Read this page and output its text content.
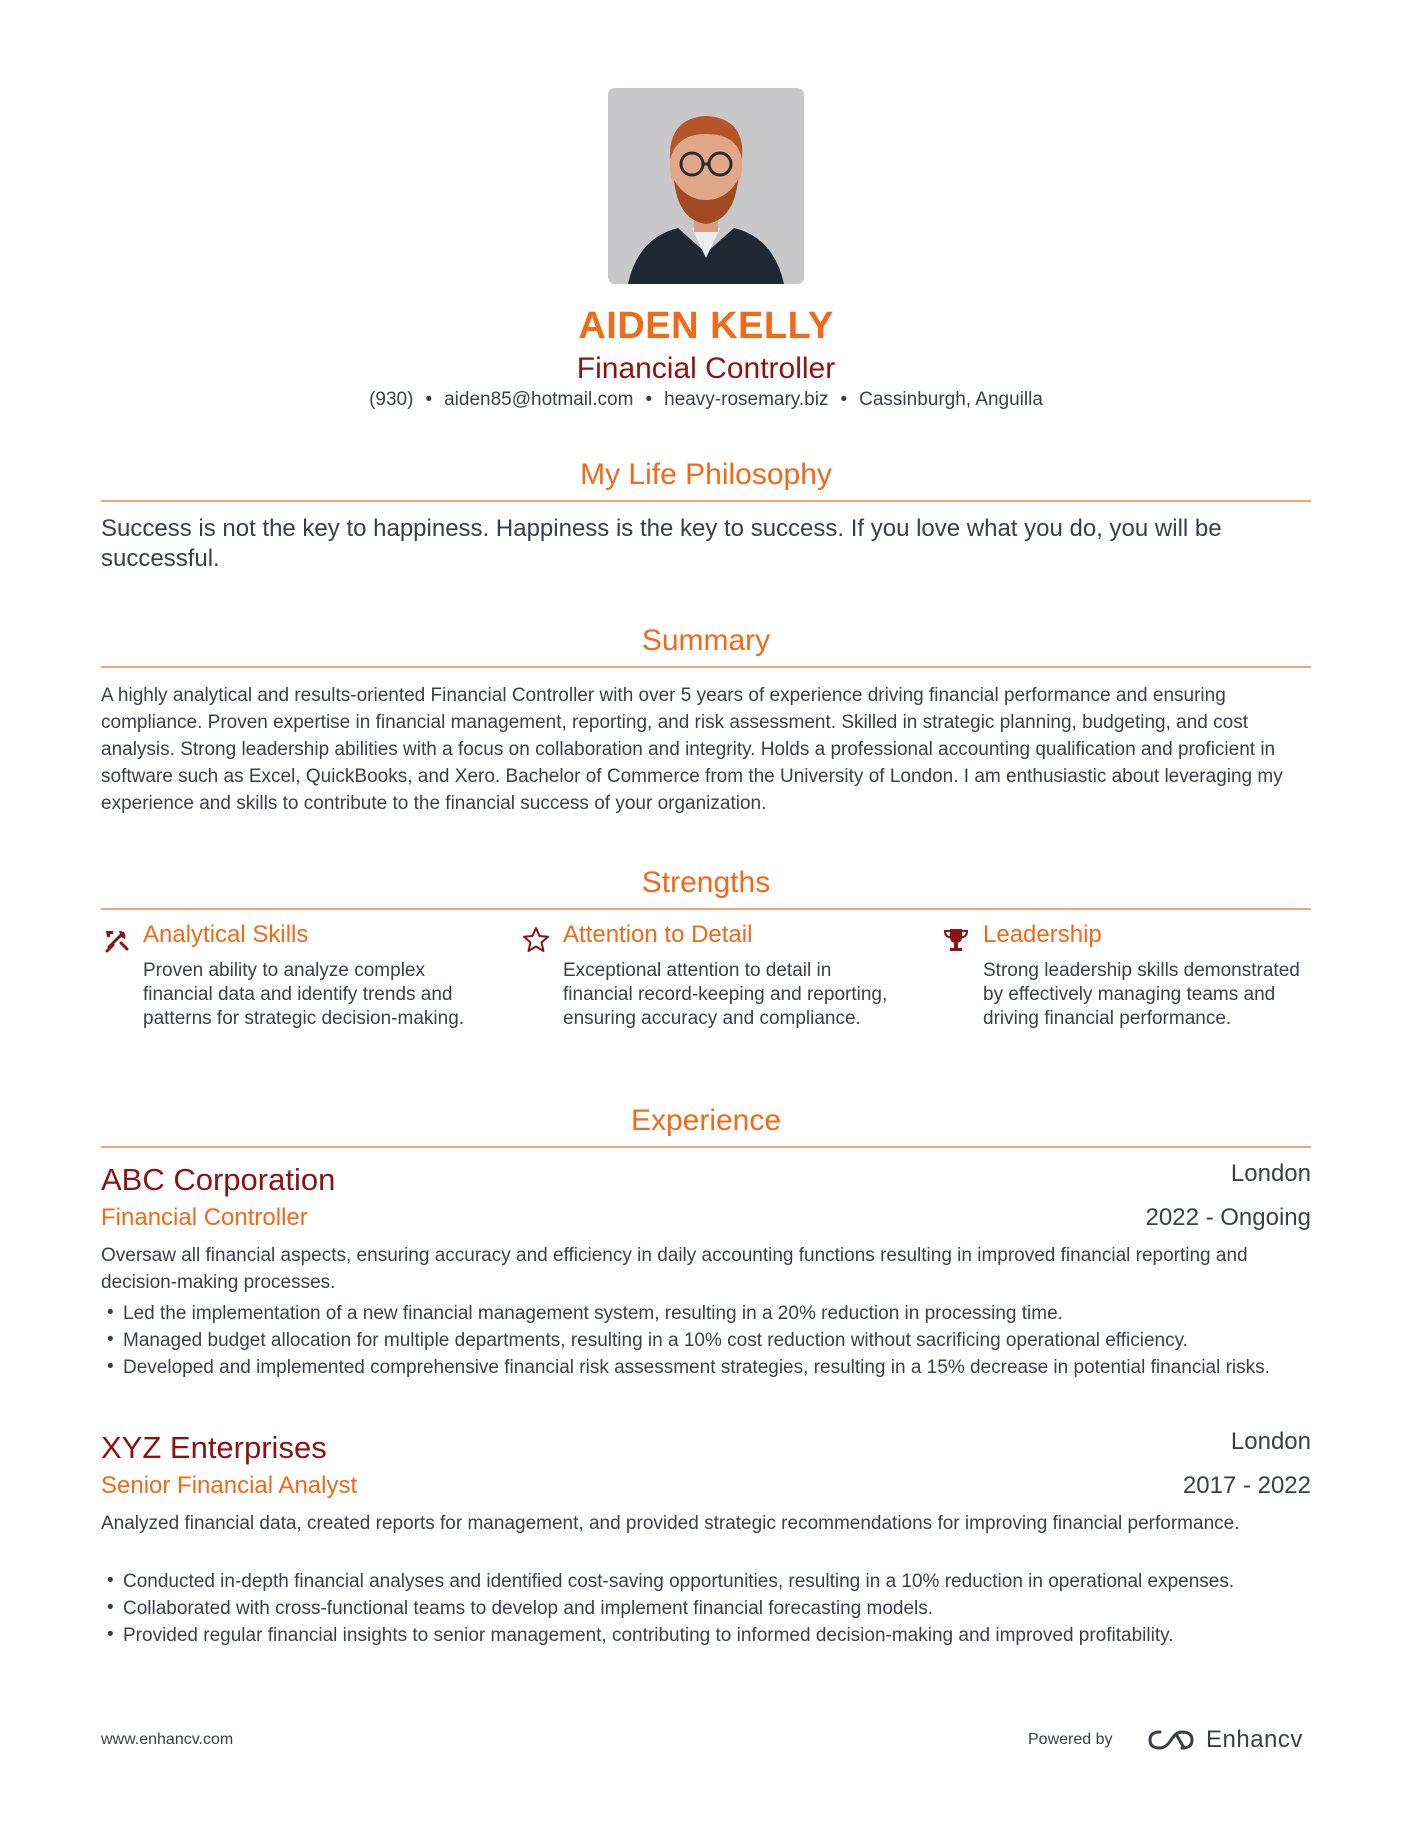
AIDEN KELLY
Financial Controller
(930) • aiden85@hotmail.com • heavy-rosemary.biz • Cassinburgh, Anguilla
My Life Philosophy
Success is not the key to happiness. Happiness is the key to success. If you love what you do, you will be successful.
Summary
A highly analytical and results-oriented Financial Controller with over 5 years of experience driving financial performance and ensuring compliance. Proven expertise in financial management, reporting, and risk assessment. Skilled in strategic planning, budgeting, and cost analysis. Strong leadership abilities with a focus on collaboration and integrity. Holds a professional accounting qualification and proficient in software such as Excel, QuickBooks, and Xero. Bachelor of Commerce from the University of London. I am enthusiastic about leveraging my experience and skills to contribute to the financial success of your organization.
Strengths
Analytical Skills
Proven ability to analyze complex financial data and identify trends and patterns for strategic decision-making.
Attention to Detail
Exceptional attention to detail in financial record-keeping and reporting, ensuring accuracy and compliance.
Leadership
Strong leadership skills demonstrated by effectively managing teams and driving financial performance.
Experience
ABC Corporation	London
Financial Controller	2022 - Ongoing
Oversaw all financial aspects, ensuring accuracy and efficiency in daily accounting functions resulting in improved financial reporting and decision-making processes.
• Led the implementation of a new financial management system, resulting in a 20% reduction in processing time.
• Managed budget allocation for multiple departments, resulting in a 10% cost reduction without sacrificing operational efficiency.
• Developed and implemented comprehensive financial risk assessment strategies, resulting in a 15% decrease in potential financial risks.
XYZ Enterprises	London
Senior Financial Analyst	2017 - 2022
Analyzed financial data, created reports for management, and provided strategic recommendations for improving financial performance.
• Conducted in-depth financial analyses and identified cost-saving opportunities, resulting in a 10% reduction in operational expenses.
• Collaborated with cross-functional teams to develop and implement financial forecasting models.
• Provided regular financial insights to senior management, contributing to informed decision-making and improved profitability.
www.enhancv.com	Powered by	Enhancv
